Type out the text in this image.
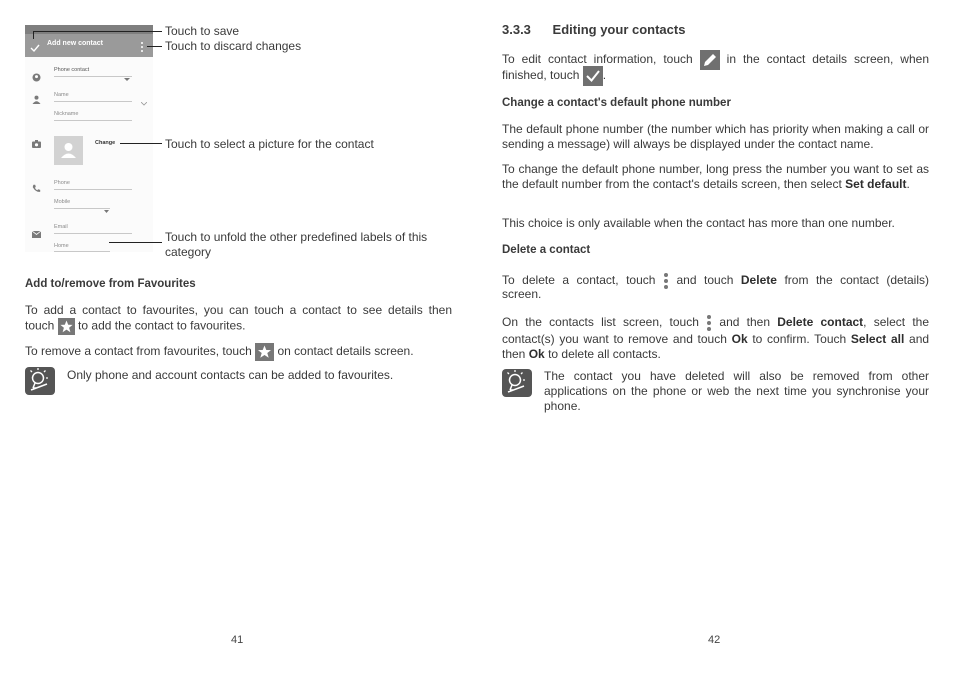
Add new contact
Phone contact
Name
Nickname
Change
Phone
Mobile
Email
Home
Touch to save
Touch to discard changes
Touch to select a picture for the contact
Touch to unfold the other predefined labels of this
category
Add to/remove from Favourites

To add a contact to favourites, you can touch a contact to see details then

touch to add the contact to favourites.

To remove a contact from favourites, touch on contact details screen.

Only phone and account contacts can be added to favourites.
41
3.3.3 Editing your contacts

To edit contact information, touch	in the contact details screen, when

finished, touch .

Change a contact's default phone number

The default phone number (the number which has priority when making a call or sending a message) will always be displayed under the contact name.

To change the default phone number, long press the number you want to set as the default number from the contact's details screen, then select Set default.

This choice is only available when the contact has more than one number.

Delete a contact

To delete a contact, touch and touch Delete from the contact (details)

screen.

On the contacts list screen, touch and then Delete contact, select the contact(s) you want to remove and touch Ok to confirm. Touch Select all and then Ok to delete all contacts.

The contact you have deleted will also be removed from other applications on the phone or web the next time you synchronise your phone.

42
